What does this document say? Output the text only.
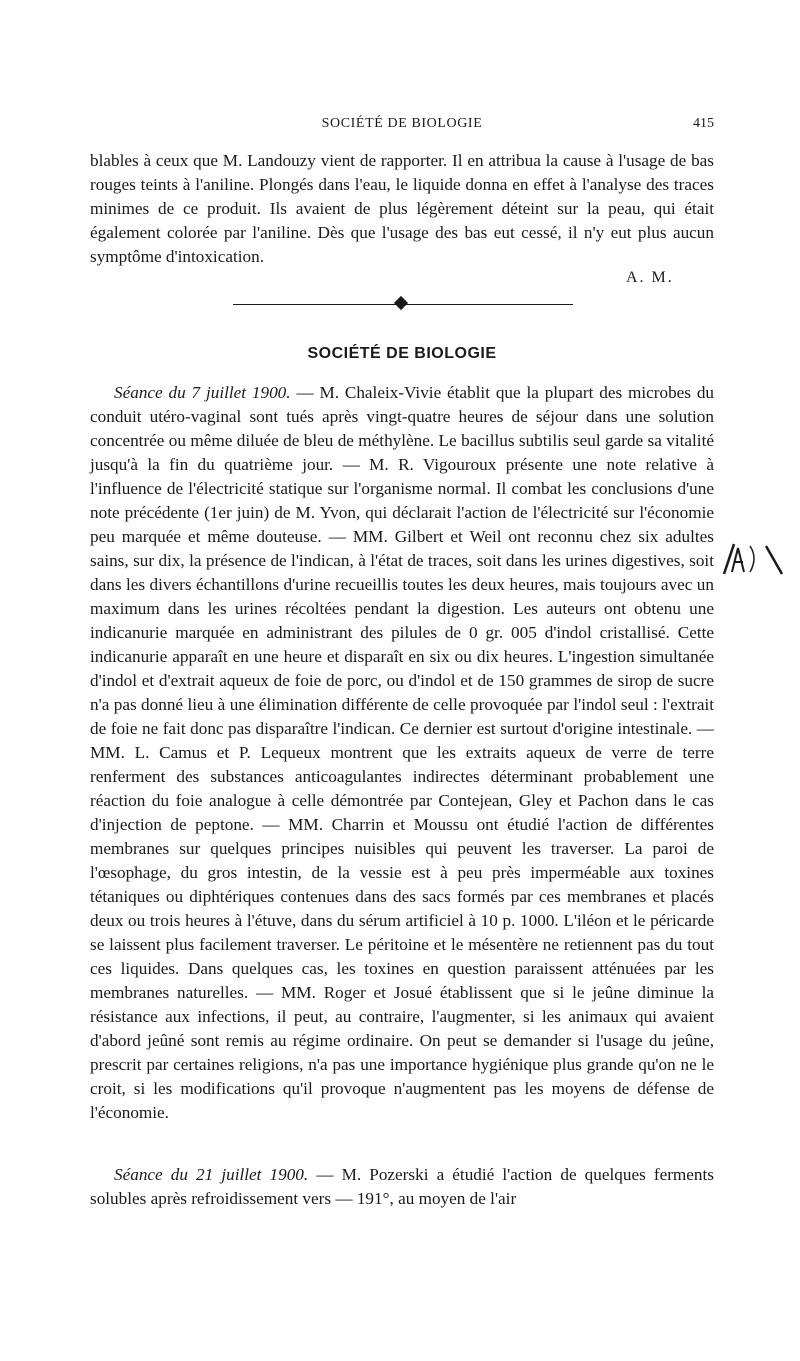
SOCIÉTÉ DE BIOLOGIE	415

blables à ceux que M. Landouzy vient de rapporter. Il en attribua la cause à l'usage de bas rouges teints à l'aniline. Plongés dans l'eau, le liquide donna en effet à l'analyse des traces minimes de ce produit. Ils avaient de plus légèrement déteint sur la peau, qui était également colorée par l'aniline. Dès que l'usage des bas eut cessé, il n'y eut plus aucun symptôme d'intoxication.

A. M.
SOCIÉTÉ DE BIOLOGIE

Séance du 7 juillet 1900. — M. Chaleix-Vivie établit que la plupart des microbes du conduit utéro-vaginal sont tués après vingt-quatre heures de séjour dans une solution concentrée ou même diluée de bleu de méthylène. Le bacillus subtilis seul garde sa vitalité jusqu'à la fin du quatrième jour. — M. R. Vigouroux présente une note relative à l'influence de l'électricité statique sur l'organisme normal. Il combat les conclusions d'une note précédente (1er juin) de M. Yvon, qui déclarait l'action de l'électricité sur l'économie peu marquée et même douteuse. — MM. Gilbert et Weil ont reconnu chez six adultes sains, sur dix, la présence de l'indican, à l'état de traces, soit dans les urines digestives, soit dans les divers échantillons d'urine recueillis toutes les deux heures, mais toujours avec un maximum dans les urines récoltées pendant la digestion. Les auteurs ont obtenu une indicanurie marquée en administrant des pilules de 0 gr. 005 d'indol cristallisé. Cette indicanurie apparaît en une heure et disparaît en six ou dix heures. L'ingestion simultanée d'indol et d'extrait aqueux de foie de porc, ou d'indol et de 150 grammes de sirop de sucre n'a pas donné lieu à une élimination différente de celle provoquée par l'indol seul : l'extrait de foie ne fait donc pas disparaître l'indican. Ce dernier est surtout d'origine intestinale. — MM. L. Camus et P. Lequeux montrent que les extraits aqueux de verre de terre renferment des substances anticoagulantes indirectes déterminant probablement une réaction du foie analogue à celle démontrée par Contejean, Gley et Pachon dans le cas d'injection de peptone. — MM. Charrin et Moussu ont étudié l'action de différentes membranes sur quelques principes nuisibles qui peuvent les traverser. La paroi de l'œsophage, du gros intestin, de la vessie est à peu près imperméable aux toxines tétaniques ou diphtériques contenues dans des sacs formés par ces membranes et placés deux ou trois heures à l'étuve, dans du sérum artificiel à 10 p. 1000. L'iléon et le péricarde se laissent plus facilement traverser. Le péritoine et le mésentère ne retiennent pas du tout ces liquides. Dans quelques cas, les toxines en question paraissent atténuées par les membranes naturelles. — MM. Roger et Josué établissent que si le jeûne diminue la résistance aux infections, il peut, au contraire, l'augmenter, si les animaux qui avaient d'abord jeûné sont remis au régime ordinaire. On peut se demander si l'usage du jeûne, prescrit par certaines religions, n'a pas une importance hygiénique plus grande qu'on ne le croit, si les modifications qu'il provoque n'augmentent pas les moyens de défense de l'économie.

Séance du 21 juillet 1900. — M. Pozerski a étudié l'action de quelques ferments solubles après refroidissement vers — 191°, au moyen de l'air
